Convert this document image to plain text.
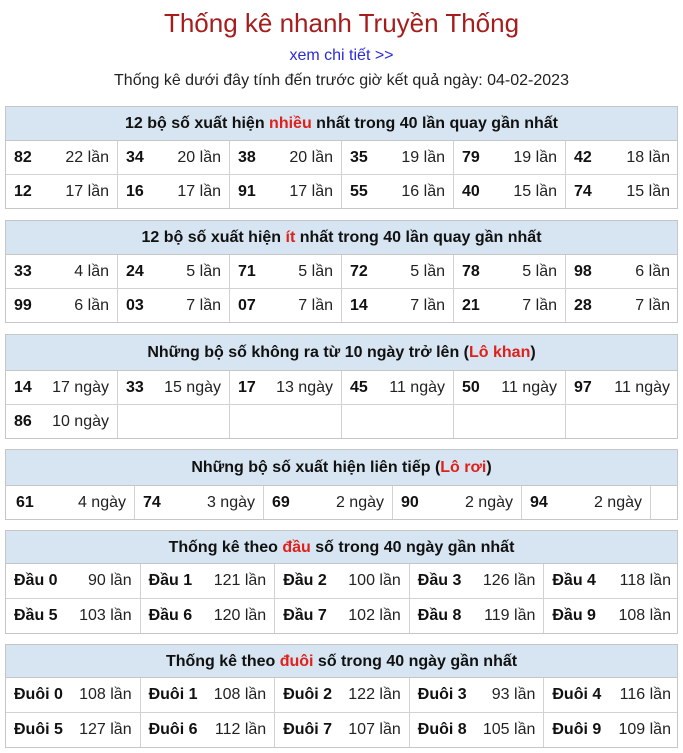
Thống kê nhanh Truyền Thống
xem chi tiết >>
Thống kê dưới đây tính đến trước giờ kết quả ngày: 04-02-2023
12 bộ số xuất hiện nhiều nhất trong 40 lần quay gần nhất
82 22 lần 34 20 lần 38 20 lần 35 19 lần 79 19 lần 42 18 lần
12 17 lần 16 17 lần 91 17 lần 55 16 lần 40 15 lần 74 15 lần
12 bộ số xuất hiện ít nhất trong 40 lần quay gần nhất
33	4 lần 24	5 lần 71	5 lần 72	5 lần 78	5 lần 98	6 lần
99	6 lần 03	7 lần 07	7 lần 14	7 lần 21	7 lần 28	7 lần
Những bộ số không ra từ 10 ngày trở lên (Lô khan)
14 17 ngày 33 15 ngày 17 13 ngày 45 11 ngày 50 11 ngày 97 11 ngày
86 10 ngày
Những bộ số xuất hiện liên tiếp (Lô rơi)
61	4 ngày 74	3 ngày 69	2 ngày 90	2 ngày 94	2 ngày
Thống kê theo đầu số trong 40 ngày gần nhất
Đầu 0 90 lần Đầu 1 121 lần Đầu 2 100 lần Đầu 3 126 lần Đầu 4 118 lần
Đầu 5 103 lần Đầu 6 120 lần Đầu 7 102 lần Đầu 8 119 lần Đầu 9 108 lần
Thống kê theo đuôi số trong 40 ngày gần nhất
Đuôi 0 108 lần Đuôi 1 108 lần Đuôi 2 122 lần Đuôi 3 93 lần Đuôi 4 116 lần
Đuôi 5 127 lần Đuôi 6 112 lần Đuôi 7 107 lần Đuôi 8 105 lần Đuôi 9 109 lần
